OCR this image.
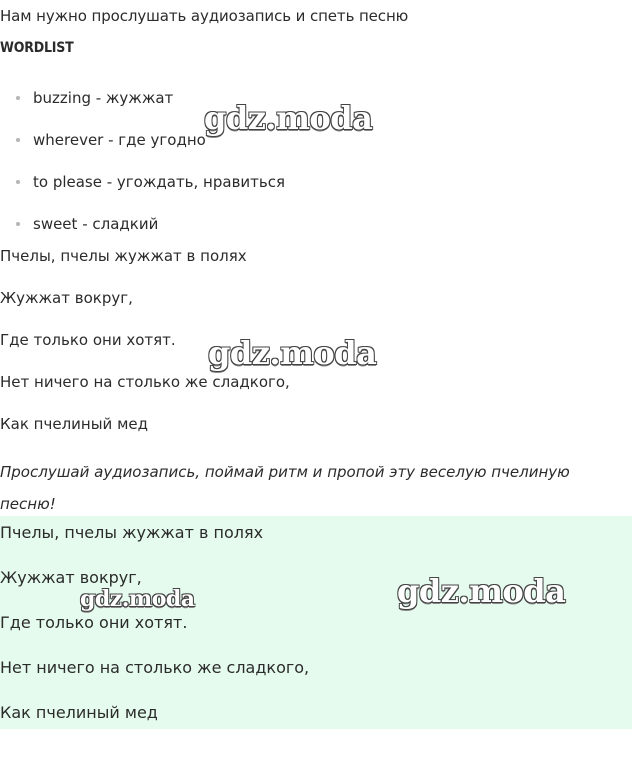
Нам нужно прослушать аудиозапись и спеть песню
WORDLIST
buzzing - жужжат
wherever - где угодно
to please - угождать, нравиться
sweet - сладкий

Пчелы, пчелы жужжат в полях

Жужжат вокруг,

Где только они хотят.

Нет ничего на столько же сладкого,

Как пчелиный мед

Прослушай аудиозапись, поймай ритм и пропой эту веселую пчелиную песню!

Пчелы, пчелы жужжат в полях

Жужжат вокруг,

Где только они хотят.

Нет ничего на столько же сладкого,

Как пчелиный мед

gdz.moda
gdz.moda
gdz.moda	gdz.moda
